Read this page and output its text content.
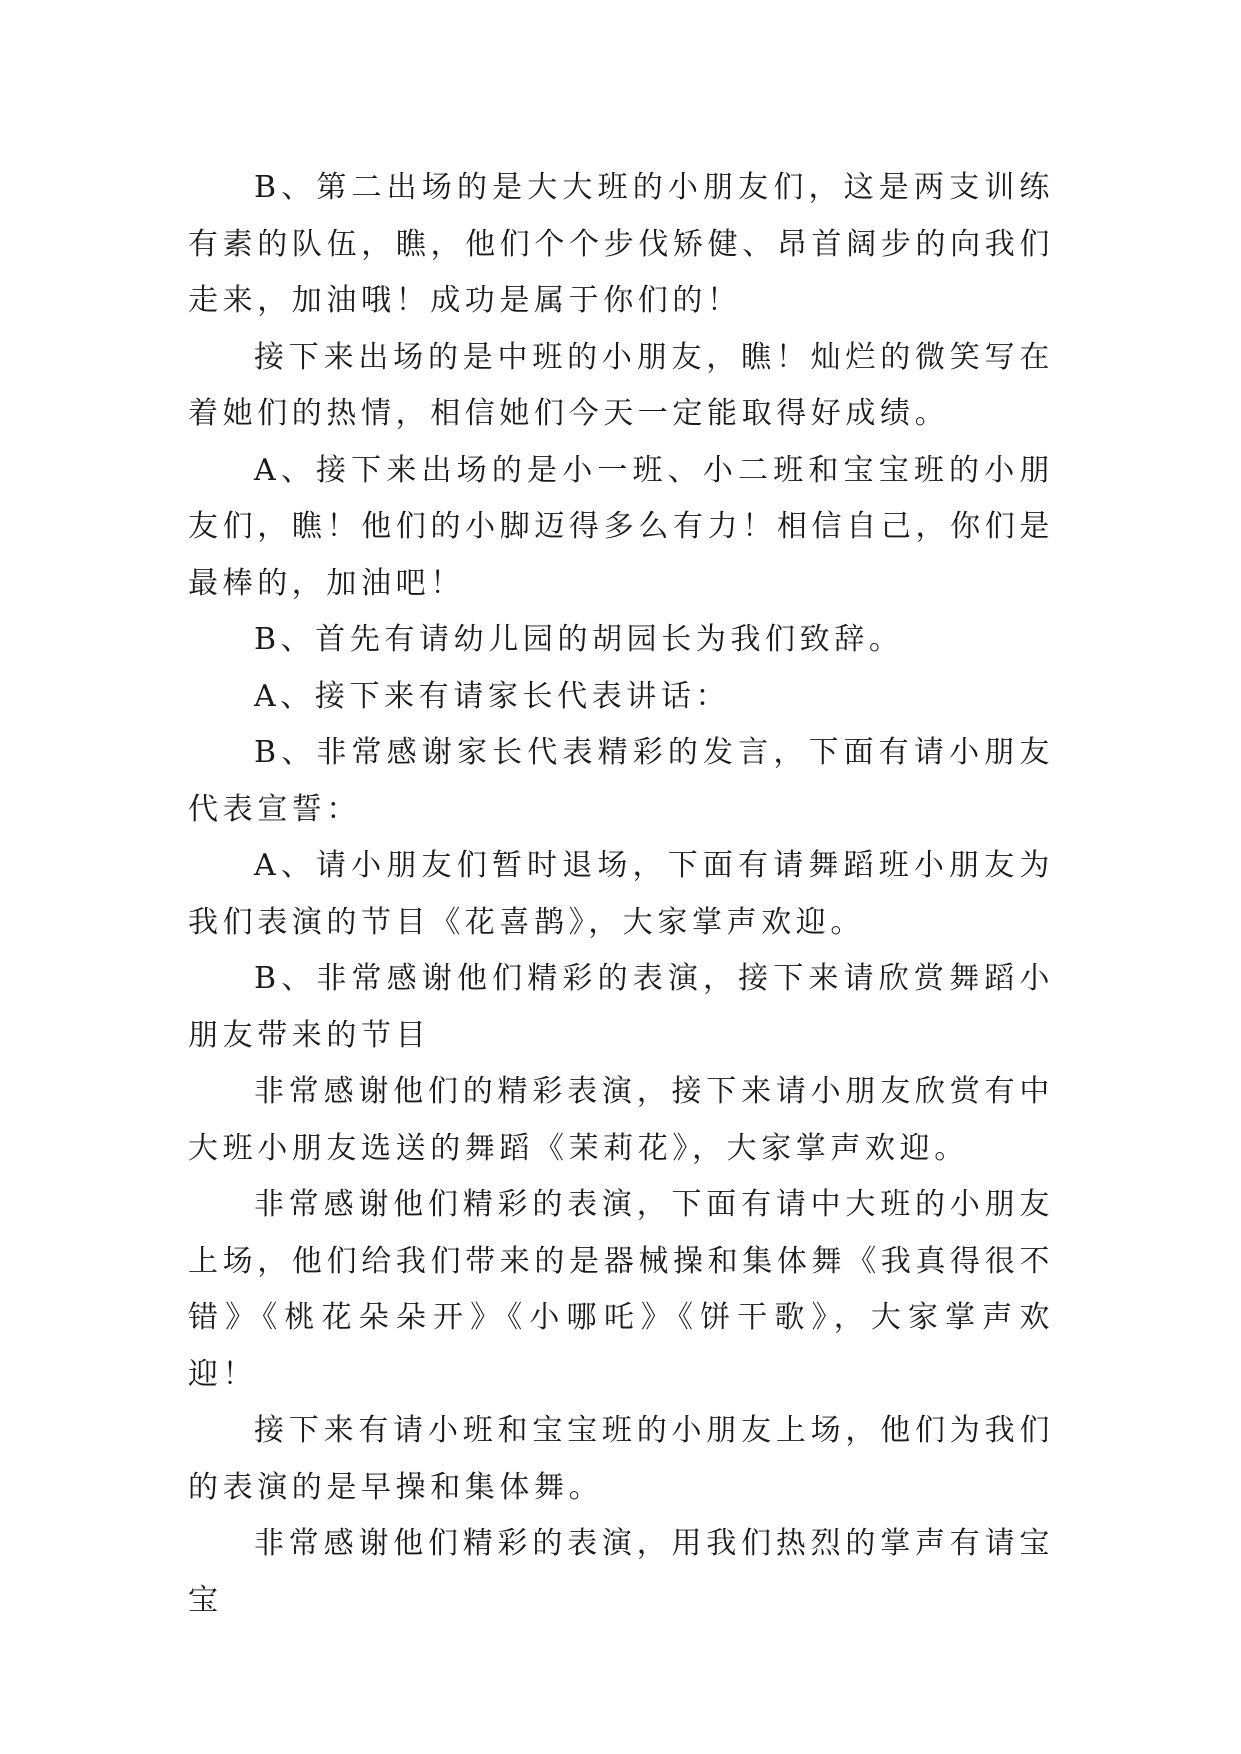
B、第二出场的是大大班的小朋友们，这是两支训练有素的队伍，瞧，他们个个步伐矫健、昂首阔步的向我们走来，加油哦！成功是属于你们的！

接下来出场的是中班的小朋友，瞧！灿烂的微笑写在着她们的热情，相信她们今天一定能取得好成绩。

A、接下来出场的是小一班、小二班和宝宝班的小朋友们，瞧！他们的小脚迈得多么有力！相信自己，你们是最棒的，加油吧！

B、首先有请幼儿园的胡园长为我们致辞。

A、接下来有请家长代表讲话：

B、非常感谢家长代表精彩的发言，下面有请小朋友代表宣誓：

A、请小朋友们暂时退场，下面有请舞蹈班小朋友为我们表演的节目《花喜鹊》，大家掌声欢迎。

B、非常感谢他们精彩的表演，接下来请欣赏舞蹈小朋友带来的节目

非常感谢他们的精彩表演，接下来请小朋友欣赏有中大班小朋友选送的舞蹈《茉莉花》，大家掌声欢迎。

非常感谢他们精彩的表演，下面有请中大班的小朋友上场，他们给我们带来的是器械操和集体舞《我真得很不错》《桃花朵朵开》《小哪吒》《饼干歌》，大家掌声欢迎！

接下来有请小班和宝宝班的小朋友上场，他们为我们的表演的是早操和集体舞。

非常感谢他们精彩的表演，用我们热烈的掌声有请宝宝
